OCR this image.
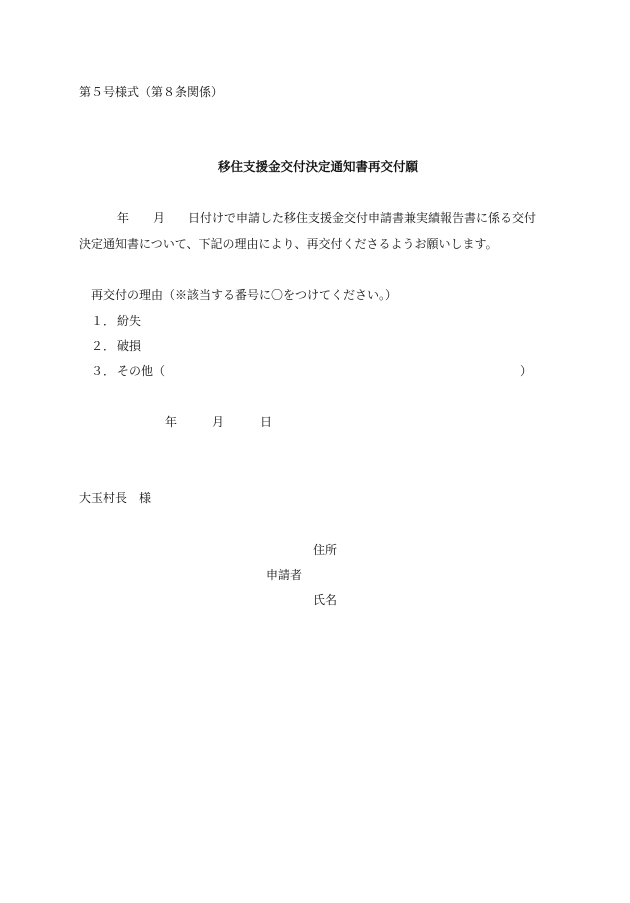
第５号様式（第８条関係）
移住支援金交付決定通知書再交付願
年 月 日付けで申請した移住支援金交付申請書兼実績報告書に係る交付
決定通知書について、下記の理由により、再交付くださるようお願いします。
再交付の理由（※該当する番号に〇をつけてください。）
１． 紛失
２． 破損
３． その他（	）
年	月	日
大玉村長　様
住所
申請者
氏名
